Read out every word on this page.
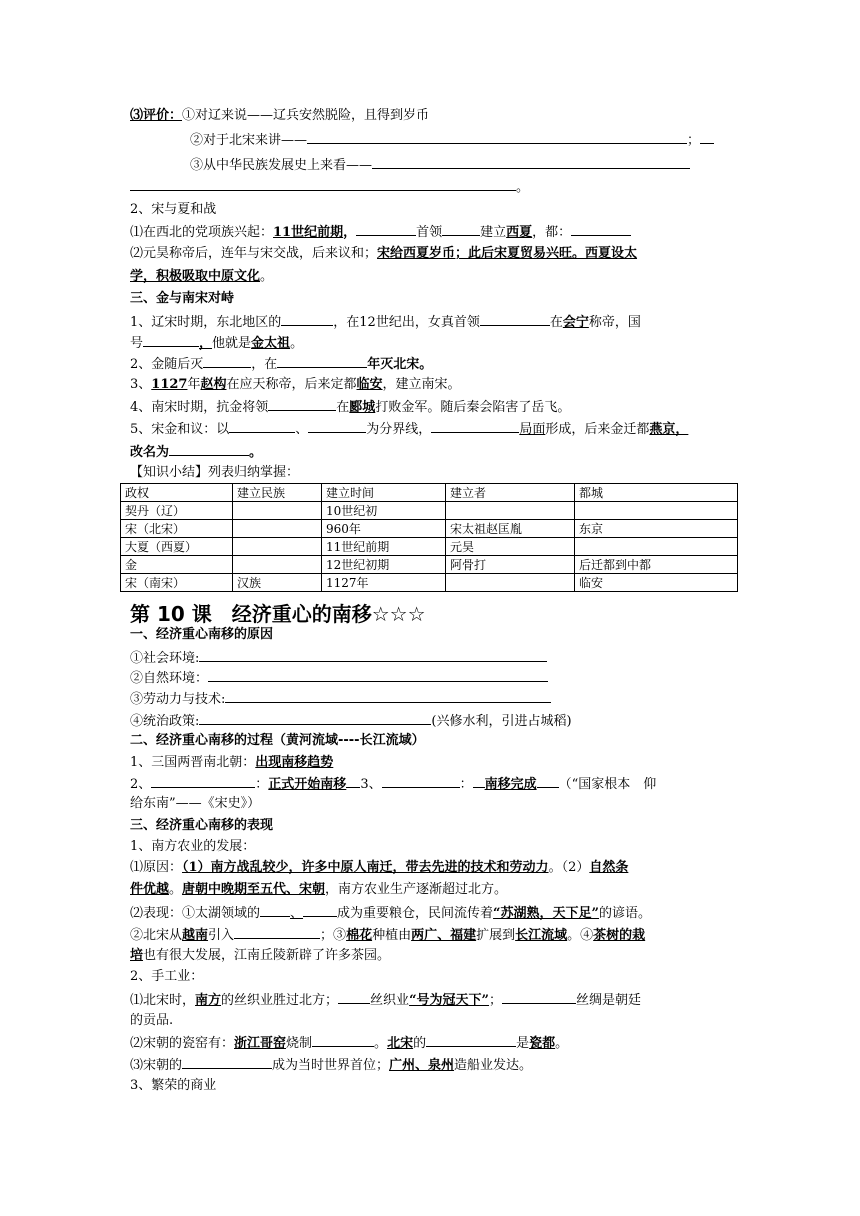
⑶评价：①对辽来说——辽兵安然脱险，且得到岁币
②对于北宋来讲——	；
③从中华民族发展史上来看——
。
2、宋与夏和战
⑴在西北的党项族兴起：11世纪前期，	首领	建立西夏，都：
⑵元昊称帝后，连年与宋交战，后来议和；宋给西夏岁币；此后宋夏贸易兴旺。西夏设太
学，积极吸取中原文化。
三、金与南宋对峙
1、辽宋时期，东北地区的	，在12世纪出，女真首领	在会宁称帝，国
号	，他就是金太祖。
2、金随后灭	，在	年灭北宋。
3、1127年赵构在应天称帝，后来定都临安，建立南宋。
4、南宋时期，抗金将领	在郾城打败金军。随后秦会陷害了岳飞。
5、宋金和议：以	、	为分界线，	局面形成，后来金迁都燕京，
改名为	。
【知识小结】列表归纳掌握：
政权	建立民族	建立时间	建立者	都城
契丹（辽）		10世纪初		
宋（北宋）		960年	宋太祖赵匡胤	东京
大夏（西夏）		11世纪前期	元昊	
金		12世纪初期	阿骨打	后迁都到中都
宋（南宋）	汉族	1127年		临安
第 10 课　经济重心的南移☆☆☆
一、经济重心南移的原因
①社会环境:
②自然环境：
③劳动力与技术:
④统治政策:	(兴修水利，引进占城稻)
二、经济重心南移的过程（黄河流域----长江流域）
1、三国两晋南北朝：出现南移趋势
2、	：正式开始南移 3、	： 南移完成 （“国家根本　仰
给东南”——《宋史》）
三、经济重心南移的表现
1、南方农业的发展：
⑴原因：（1）南方战乱较少，许多中原人南迁，带去先进的技术和劳动力。（2）自然条
件优越。唐朝中晚期至五代、宋朝，南方农业生产逐渐超过北方。
⑵表现：①太湖领域的 、	成为重要粮仓，民间流传着“苏湖熟，天下足”的谚语。
②北宋从越南引入	；③棉花种植由两广、福建扩展到长江流域。④茶树的栽
培也有很大发展，江南丘陵新辟了许多茶园。
2、手工业：
⑴北宋时，南方的丝织业胜过北方； 丝织业“号为冠天下”；	丝绸是朝廷
的贡品.
⑵宋朝的瓷窑有：浙江哥窑烧制	。北宋的	是瓷都。
⑶宋朝的	成为当时世界首位；广州、泉州造船业发达。
3、繁荣的商业
